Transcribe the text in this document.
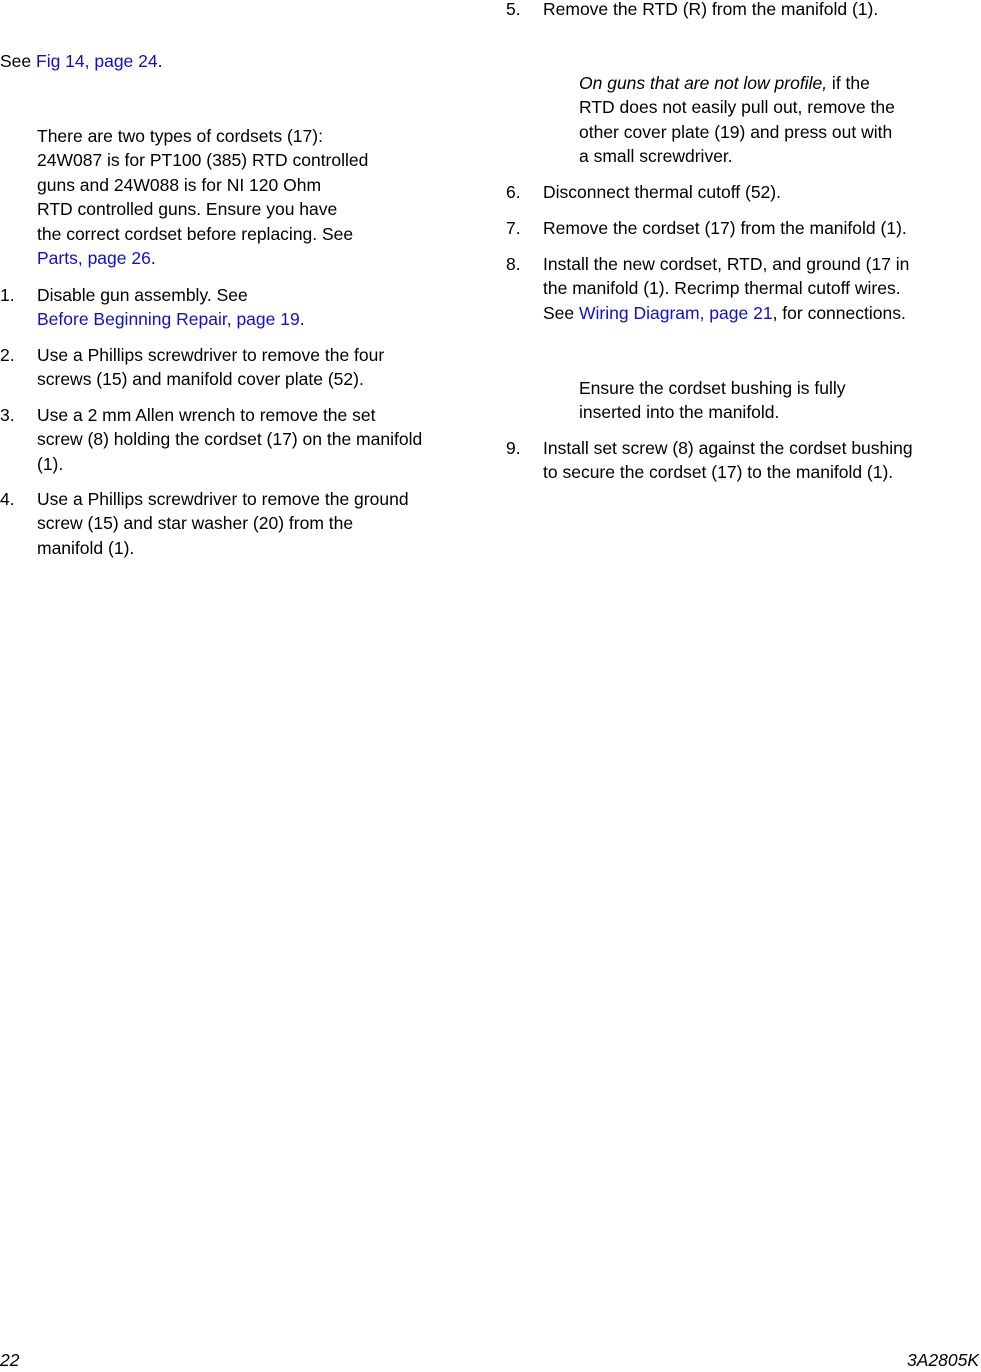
See Fig 14, page 24.
There are two types of cordsets (17):
24W087 is for PT100 (385) RTD controlled
guns and 24W088 is for NI 120 Ohm
RTD controlled guns. Ensure you have
the correct cordset before replacing. See
Parts, page 26.
1. Disable gun assembly. See
Before Beginning Repair, page 19.
2. Use a Phillips screwdriver to remove the four
screws (15) and manifold cover plate (52).
3. Use a 2 mm Allen wrench to remove the set
screw (8) holding the cordset (17) on the manifold
(1).
4. Use a Phillips screwdriver to remove the ground
screw (15) and star washer (20) from the
manifold (1).
5. Remove the RTD (R) from the manifold (1).
On guns that are not low profile, if the
RTD does not easily pull out, remove the
other cover plate (19) and press out with
a small screwdriver.
6. Disconnect thermal cutoff (52).
7. Remove the cordset (17) from the manifold (1).
8. Install the new cordset, RTD, and ground (17 in
the manifold (1). Recrimp thermal cutoff wires.
See Wiring Diagram, page 21, for connections.
Ensure the cordset bushing is fully
inserted into the manifold.
9. Install set screw (8) against the cordset bushing
to secure the cordset (17) to the manifold (1).
22	3A2805K
